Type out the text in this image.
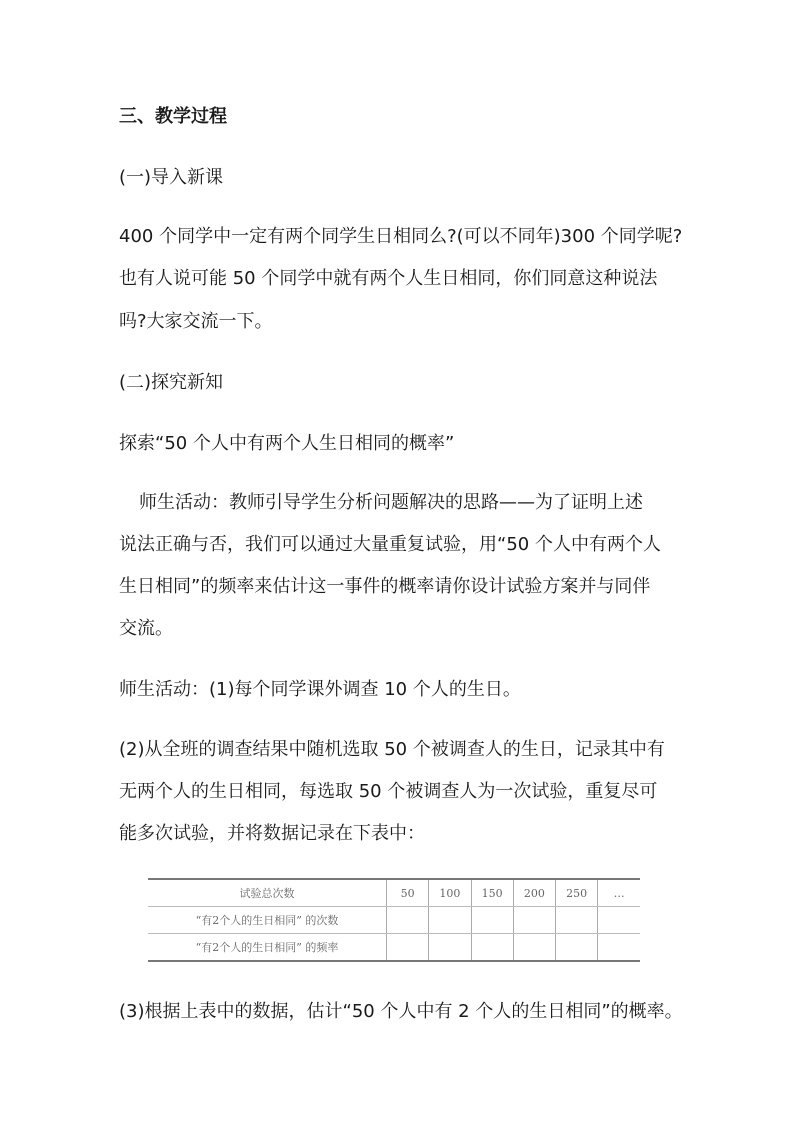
三、教学过程
(一)导入新课
400 个同学中一定有两个同学生日相同么?(可以不同年)300 个同学呢?
也有人说可能 50 个同学中就有两个人生日相同，你们同意这种说法
吗?大家交流一下。
(二)探究新知
探索“50 个人中有两个人生日相同的概率”
师生活动：教师引导学生分析问题解决的思路——为了证明上述
说法正确与否，我们可以通过大量重复试验，用“50 个人中有两个人
生日相同”的频率来估计这一事件的概率请你设计试验方案并与同伴
交流。
师生活动：(1)每个同学课外调查 10 个人的生日。
(2)从全班的调查结果中随机选取 50 个被调查人的生日，记录其中有
无两个人的生日相同，每选取 50 个被调查人为一次试验，重复尽可
能多次试验，并将数据记录在下表中：
试验总次数	50	100	150	200	250	…
“有2个人的生日相同” 的次数						
“有2个人的生日相同” 的频率						
(3)根据上表中的数据，估计“50 个人中有 2 个人的生日相同”的概率。
